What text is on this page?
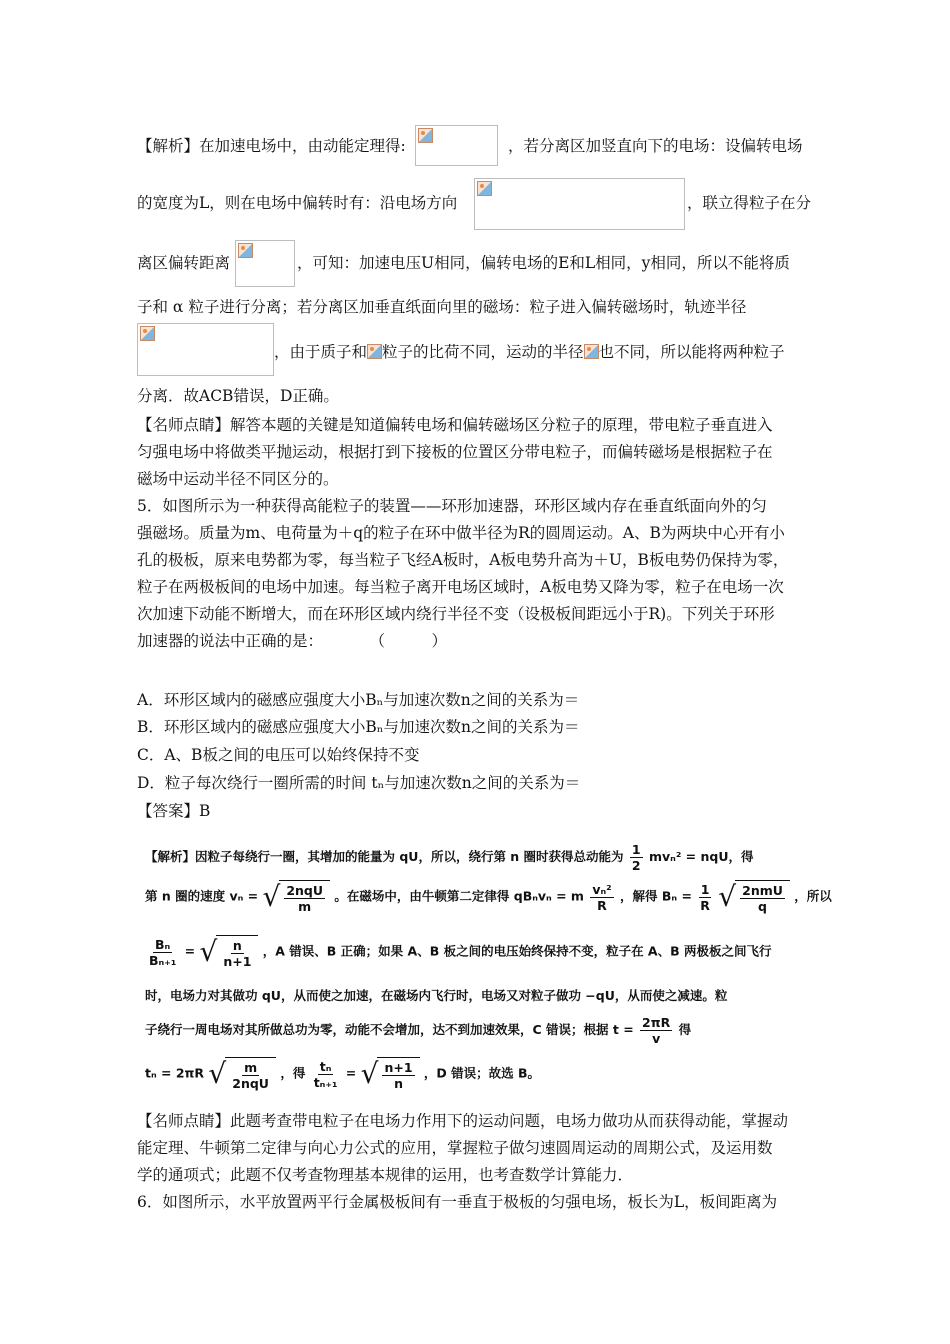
【解析】在加速电场中，由动能定理得:	，若分离区加竖直向下的电场：设偏转电场
的宽度为L，则在电场中偏转时有：沿电场方向	，联立得粒子在分
离区偏转距离	，可知：加速电压U相同，偏转电场的E和L相同，y相同，所以不能将质
子和 α 粒子进行分离；若分离区加垂直纸面向里的磁场：粒子进入偏转磁场时，轨迹半径
，由于质子和 粒子的比荷不同，运动的半径 也不同，所以能将两种粒子
分离．故ACB错误，D正确。
【名师点睛】解答本题的关键是知道偏转电场和偏转磁场区分粒子的原理，带电粒子垂直进入
匀强电场中将做类平抛运动，根据打到下接板的位置区分带电粒子，而偏转磁场是根据粒子在
磁场中运动半径不同区分的。
5．如图所示为一种获得高能粒子的装置——环形加速器，环形区域内存在垂直纸面向外的匀
强磁场。质量为m、电荷量为＋q的粒子在环中做半径为R的圆周运动。A、B为两块中心开有小
孔的极板，原来电势都为零，每当粒子飞经A板时，A板电势升高为＋U，B板电势仍保持为零，
粒子在两极板间的电场中加速。每当粒子离开电场区域时，A板电势又降为零，粒子在电场一次
次加速下动能不断增大，而在环形区域内绕行半径不变（设极板间距远小于R)。下列关于环形
加速器的说法中正确的是：　　　　（　　　）
A．环形区域内的磁感应强度大小Bₙ与加速次数n之间的关系为＝
B．环形区域内的磁感应强度大小Bₙ与加速次数n之间的关系为＝
C．A、B板之间的电压可以始终保持不变
D．粒子每次绕行一圈所需的时间 tₙ与加速次数n之间的关系为＝
【答案】B
【解析】因粒子每绕行一圈，其增加的能量为 qU，所以，绕行第 n 圈时获得总动能为 $\frac{1}{2} mv_n^2$ = nqU，得
第 n 圈的速度 vₙ = √ $\frac{\text{2nqU}}{m}$ 。在磁场中，由牛顿第二定律得 qBₙvₙ = m $\frac{\text{vₙ²}}{R}$ ，解得 $B_n = \frac{1}{R}$
√ $\frac{\text{2nmU}}{q}$ ，所以
$\frac{\text{Bₙ}}{\text{Bₙ₊₁}}$ = √ $\frac{n}{n+1}$ ，A 错误、B 正确；如果 A、B 板之间的电压始终保持不变，粒子在 A、B 两极板之间飞行
时，电场力对其做功 qU，从而使之加速，在磁场内飞行时，电场又对粒子做功 −qU，从而使之减速。粒
子绕行一周电场对其所做总功为零，动能不会增加，达不到加速效果，C 错误；根据 $t = \frac{2\pi R}{v}$ 得
tₙ = 2πR √ $\frac{m}{\text{2nqU}}$ ，得 $\frac{\text{tₙ}}{\text{tₙ₊₁}}$ = √ $\frac{n+1}{n}$ ，D 错误；故选 B。
【名师点睛】此题考查带电粒子在电场力作用下的运动问题，电场力做功从而获得动能，掌握动
能定理、牛顿第二定律与向心力公式的应用，掌握粒子做匀速圆周运动的周期公式，及运用数
学的通项式；此题不仅考查物理基本规律的运用，也考查数学计算能力．
6．如图所示，水平放置两平行金属极板间有一垂直于极板的匀强电场，板长为L，板间距离为
